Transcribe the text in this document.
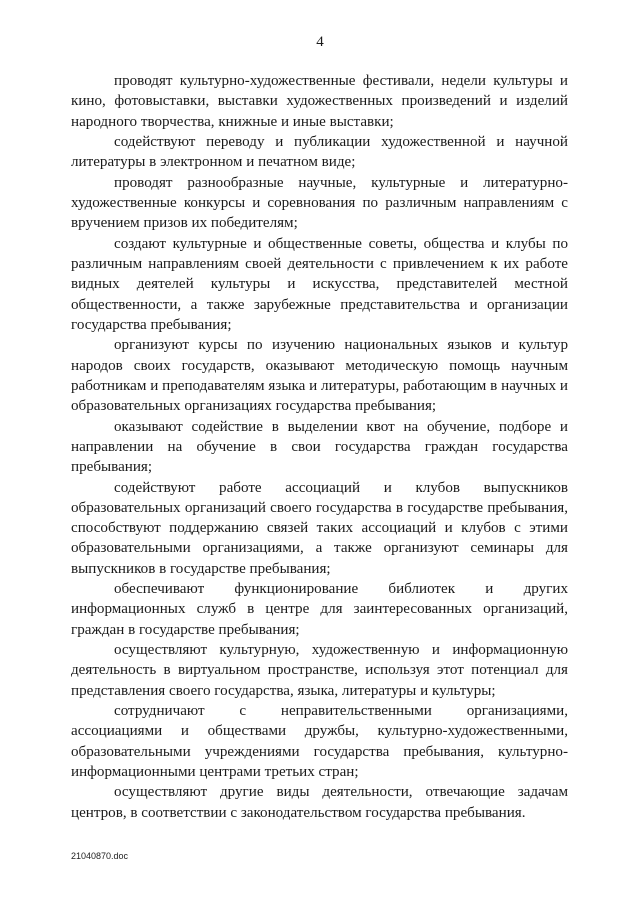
4

проводят культурно-художественные фестивали, недели культуры и кино, фотовыставки, выставки художественных произведений и изделий народного творчества, книжные и иные выставки;

содействуют переводу и публикации художественной и научной литературы в электронном и печатном виде;

проводят разнообразные научные, культурные и литературно-художественные конкурсы и соревнования по различным направлениям с вручением призов их победителям;

создают культурные и общественные советы, общества и клубы по различным направлениям своей деятельности с привлечением к их работе видных деятелей культуры и искусства, представителей местной общественности, а также зарубежные представительства и организации государства пребывания;

организуют курсы по изучению национальных языков и культур народов своих государств, оказывают методическую помощь научным работникам и преподавателям языка и литературы, работающим в научных и образовательных организациях государства пребывания;

оказывают содействие в выделении квот на обучение, подборе и направлении на обучение в свои государства граждан государства пребывания;

содействуют работе ассоциаций и клубов выпускников образовательных организаций своего государства в государстве пребывания, способствуют поддержанию связей таких ассоциаций и клубов с этими образовательными организациями, а также организуют семинары для выпускников в государстве пребывания;

обеспечивают функционирование библиотек и других информационных служб в центре для заинтересованных организаций, граждан в государстве пребывания;

осуществляют культурную, художественную и информационную деятельность в виртуальном пространстве, используя этот потенциал для представления своего государства, языка, литературы и культуры;

сотрудничают с неправительственными организациями, ассоциациями и обществами дружбы, культурно-художественными, образовательными учреждениями государства пребывания, культурно-информационными центрами третьих стран;

осуществляют другие виды деятельности, отвечающие задачам центров, в соответствии с законодательством государства пребывания.

21040870.doc
